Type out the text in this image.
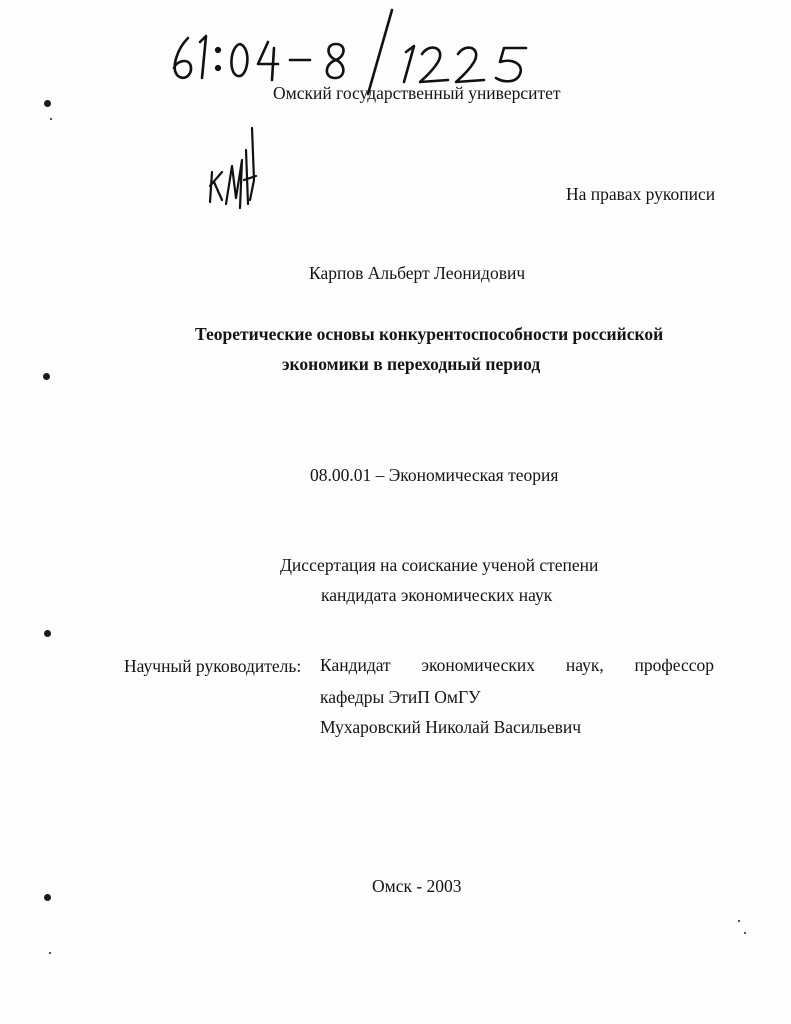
Омский государственный университет
На правах рукописи
Карпов Альберт Леонидович
Теоретические основы конкурентоспособности российской
экономики в переходный период
08.00.01 – Экономическая теория
Диссертация на соискание ученой степени
кандидата экономических наук
Научный руководитель: Кандидат экономических наук, профессор
кафедры ЭтиП ОмГУ
Мухаровский Николай Васильевич
Омск - 2003
